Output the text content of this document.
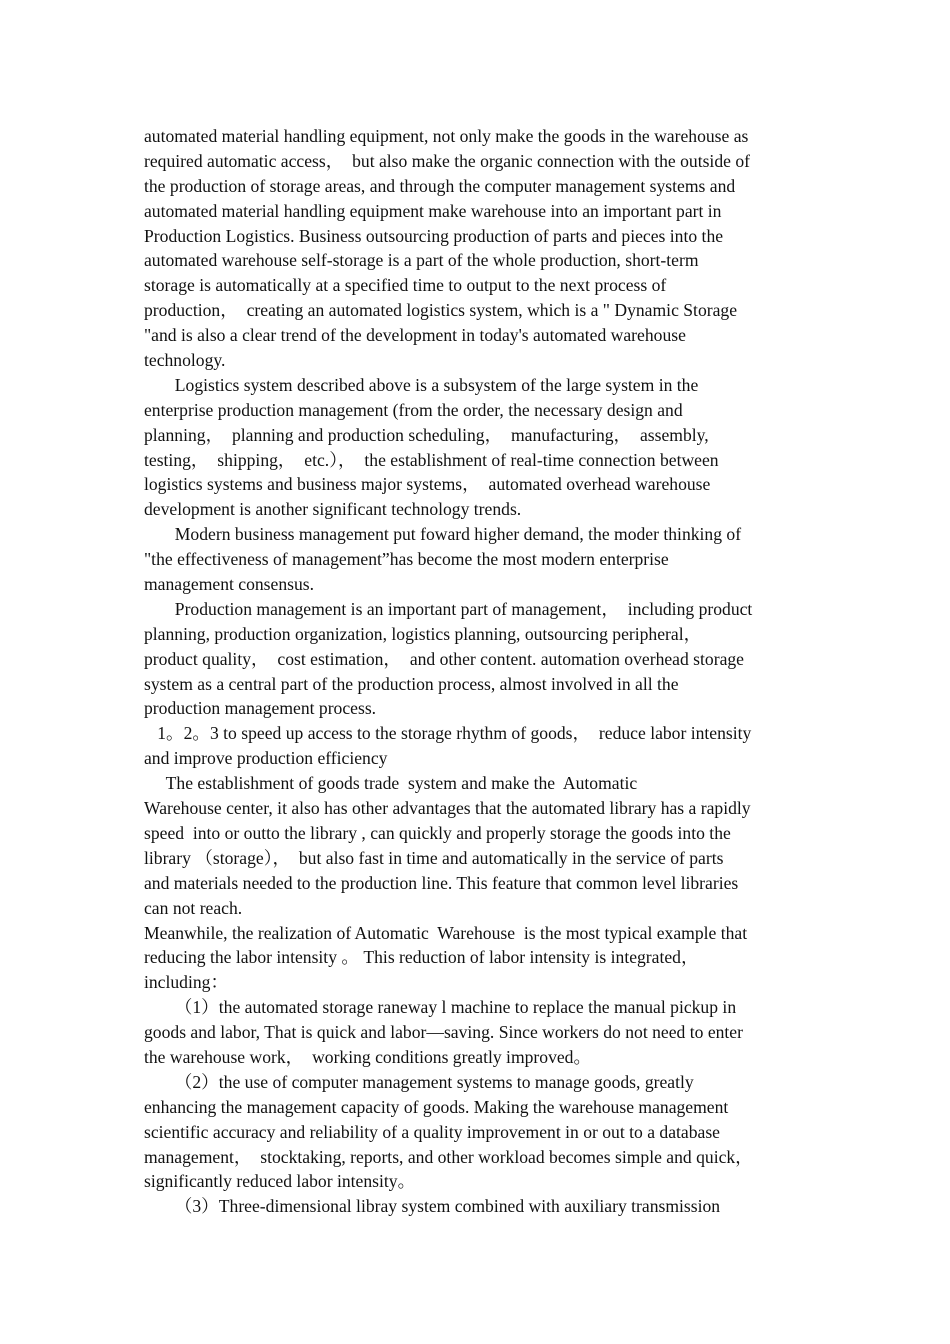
automated material handling equipment, not only make the goods in the warehouse as
required automatic access，  but also make the organic connection with the outside of
the production of storage areas, and through the computer management systems and
automated material handling equipment make warehouse into an important part in
Production Logistics. Business outsourcing production of parts and pieces into the
automated warehouse self-storage is a part of the whole production, short-term
storage is automatically at a specified time to output to the next process of
production，  creating an automated logistics system, which is a " Dynamic Storage
"and is also a clear trend of the development in today's automated warehouse
technology.
Logistics system described above is a subsystem of the large system in the
enterprise production management (from the order, the necessary design and
planning，  planning and production scheduling，  manufacturing，  assembly,
testing，  shipping，  etc.），  the establishment of real-time connection between
logistics systems and business major systems，  automated overhead warehouse
development is another significant technology trends.
Modern business management put foward higher demand, the moder thinking of
"the effectiveness of management”has become the most modern enterprise
management consensus.
Production management is an important part of management，  including product
planning, production organization, logistics planning, outsourcing peripheral，
product quality，  cost estimation，  and other content. automation overhead storage
system as a central part of the production process, almost involved in all the
production management process.
1。2。3 to speed up access to the storage rhythm of goods，  reduce labor intensity
and improve production efficiency
The establishment of goods trade  system and make the  Automatic
Warehouse center, it also has other advantages that the automated library has a rapidly
speed  into or outto the library , can quickly and properly storage the goods into the
library （storage），  but also fast in time and automatically in the service of parts
and materials needed to the production line. This feature that common level libraries
can not reach.
Meanwhile, the realization of Automatic  Warehouse  is the most typical example that
reducing the labor intensity 。 This reduction of labor intensity is integrated，
including：
（1）the automated storage raneway l machine to replace the manual pickup in
goods and labor, That is quick and labor—saving. Since workers do not need to enter
the warehouse work，  working conditions greatly improved。
（2）the use of computer management systems to manage goods, greatly
enhancing the management capacity of goods. Making the warehouse management
scientific accuracy and reliability of a quality improvement in or out to a database
management，  stocktaking, reports, and other workload becomes simple and quick，
significantly reduced labor intensity。
（3）Three-dimensional libray system combined with auxiliary transmission
